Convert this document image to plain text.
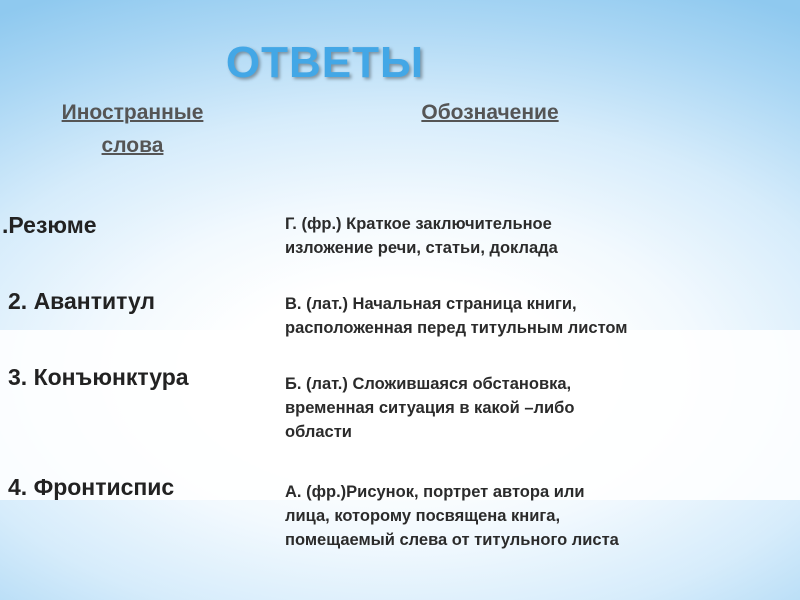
ОТВЕТЫ
Иностранные
слова
Обозначение
.Резюме
2. Авантитул
3. Конъюнктура
4. Фронтиспис

Г. (фр.) Краткое заключительное

изложение речи, статьи, доклада

В. (лат.) Начальная страница книги,

расположенная перед титульным листом

Б. (лат.) Сложившаяся обстановка,

временная ситуация в какой –либо

области

А. (фр.)Рисунок, портрет автора или

лица, которому посвящена книга,

помещаемый слева от титульного листа
